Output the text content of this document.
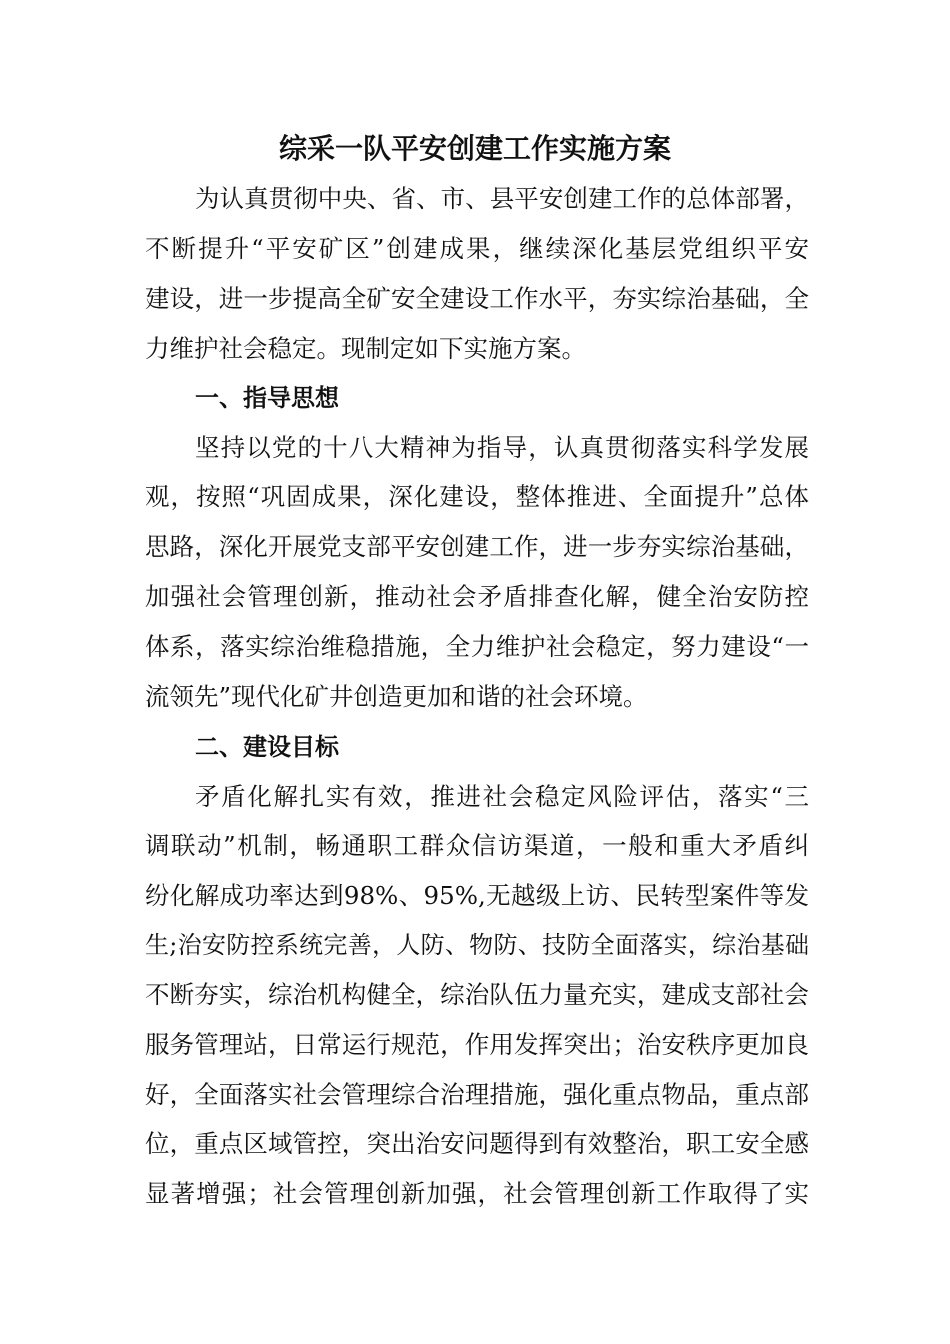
综采一队平安创建工作实施方案
为认真贯彻中央、省、市、县平安创建工作的总体部署，
不断提升“平安矿区”创建成果，继续深化基层党组织平安
建设，进一步提高全矿安全建设工作水平，夯实综治基础，全
力维护社会稳定。现制定如下实施方案。
一、指导思想
坚持以党的十八大精神为指导，认真贯彻落实科学发展
观，按照“巩固成果，深化建设，整体推进、全面提升”总体
思路，深化开展党支部平安创建工作，进一步夯实综治基础，
加强社会管理创新，推动社会矛盾排查化解，健全治安防控
体系，落实综治维稳措施，全力维护社会稳定，努力建设“一
流领先”现代化矿井创造更加和谐的社会环境。
二、建设目标
矛盾化解扎实有效，推进社会稳定风险评估，落实“三
调联动”机制，畅通职工群众信访渠道，一般和重大矛盾纠
纷化解成功率达到98%、95%,无越级上访、民转型案件等发
生;治安防控系统完善，人防、物防、技防全面落实，综治基础
不断夯实，综治机构健全，综治队伍力量充实，建成支部社会
服务管理站，日常运行规范，作用发挥突出；治安秩序更加良
好，全面落实社会管理综合治理措施，强化重点物品，重点部
位，重点区域管控，突出治安问题得到有效整治，职工安全感
显著增强；社会管理创新加强，社会管理创新工作取得了实
